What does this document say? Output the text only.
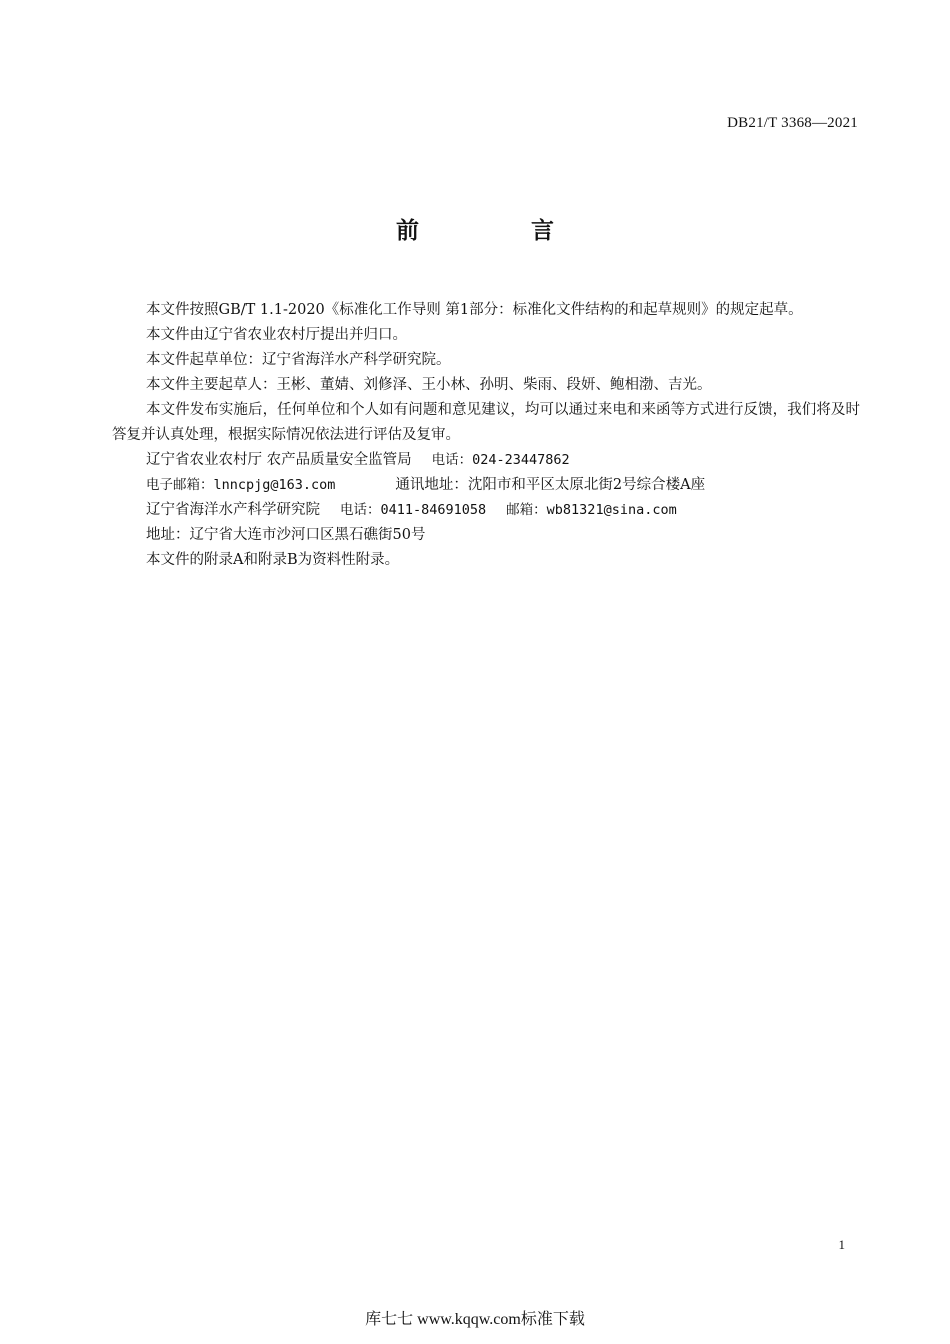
DB21/T 3368—2021
前 言

本文件按照GB/T 1.1-2020《标准化工作导则 第1部分：标准化文件结构的和起草规则》的规定起草。

本文件由辽宁省农业农村厅提出并归口。

本文件起草单位：辽宁省海洋水产科学研究院。

本文件主要起草人：王彬、董婧、刘修泽、王小林、孙明、柴雨、段妍、鲍相渤、吉光。

本文件发布实施后，任何单位和个人如有问题和意见建议，均可以通过来电和来函等方式进行反馈，我们将及时答复并认真处理，根据实际情况依法进行评估及复审。

辽宁省农业农村厅 农产品质量安全监管局 电话：024-23447862

电子邮箱：lnncpjg@163.com	通讯地址：沈阳市和平区太原北街2号综合楼A座

辽宁省海洋水产科学研究院 电话：0411-84691058 邮箱：wb81321@sina.com

地址：辽宁省大连市沙河口区黑石礁街50号

本文件的附录A和附录B为资料性附录。

1
库七七 www.kqqw.com标准下载
